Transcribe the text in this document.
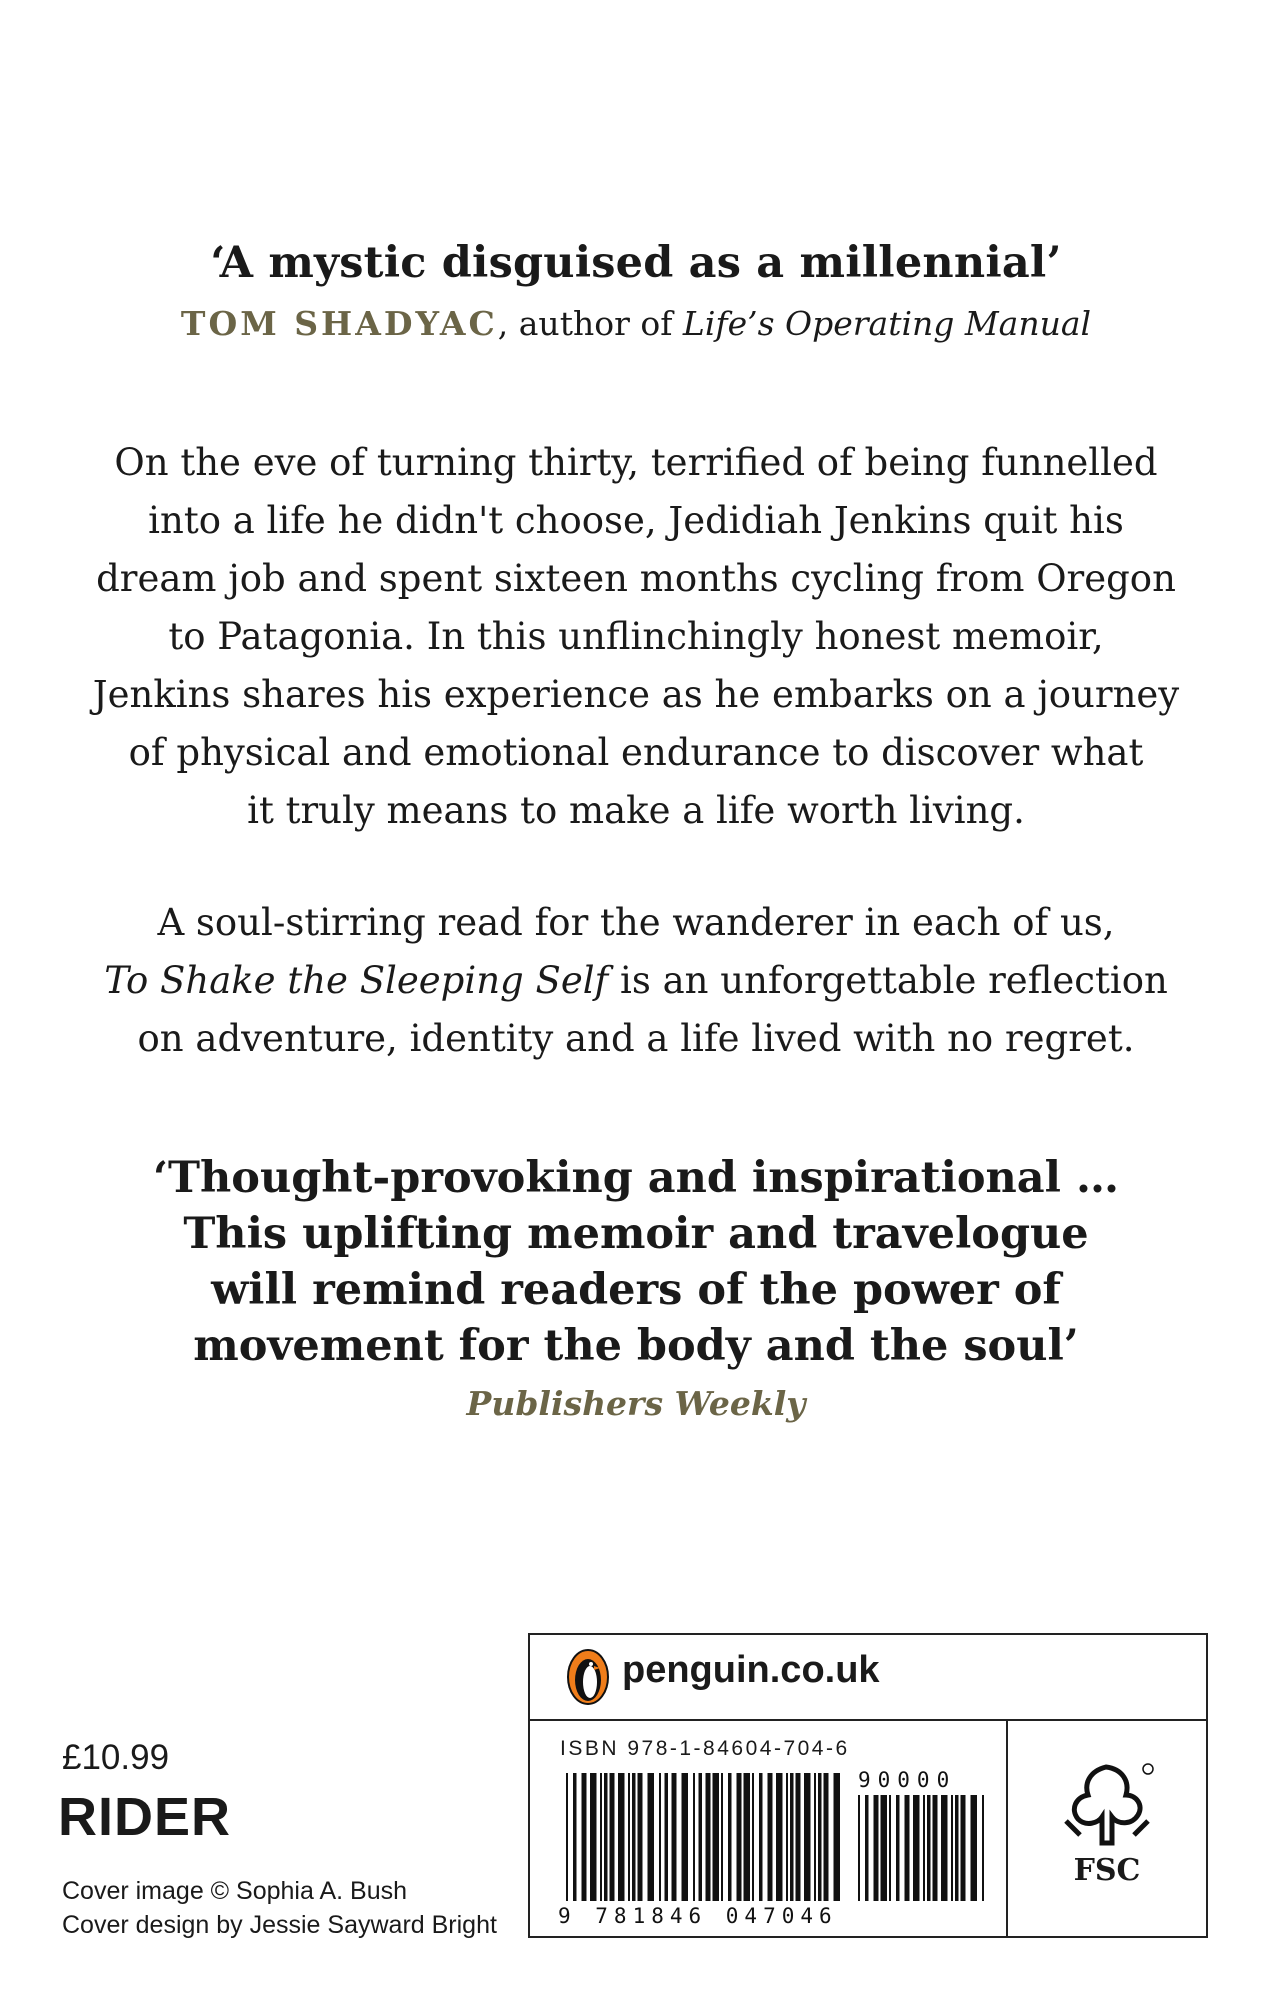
‘A mystic disguised as a millennial’
TOM SHADYAC, author of Life’s Operating Manual
On the eve of turning thirty, terrified of being funnelled
into a life he didn't choose, Jedidiah Jenkins quit his
dream job and spent sixteen months cycling from Oregon
to Patagonia. In this unflinchingly honest memoir,
Jenkins shares his experience as he embarks on a journey
of physical and emotional endurance to discover what
it truly means to make a life worth living.
A soul-stirring read for the wanderer in each of us,
To Shake the Sleeping Self is an unforgettable reflection
on adventure, identity and a life lived with no regret.
‘Thought-provoking and inspirational …
This uplifting memoir and travelogue
will remind readers of the power of
movement for the body and the soul’
Publishers Weekly
£10.99
RIDER
Cover image © Sophia A. Bush
Cover design by Jessie Sayward Bright
penguin.co.uk
ISBN 978-1-84604-704-6
9 781846 047046
90000
FSC
